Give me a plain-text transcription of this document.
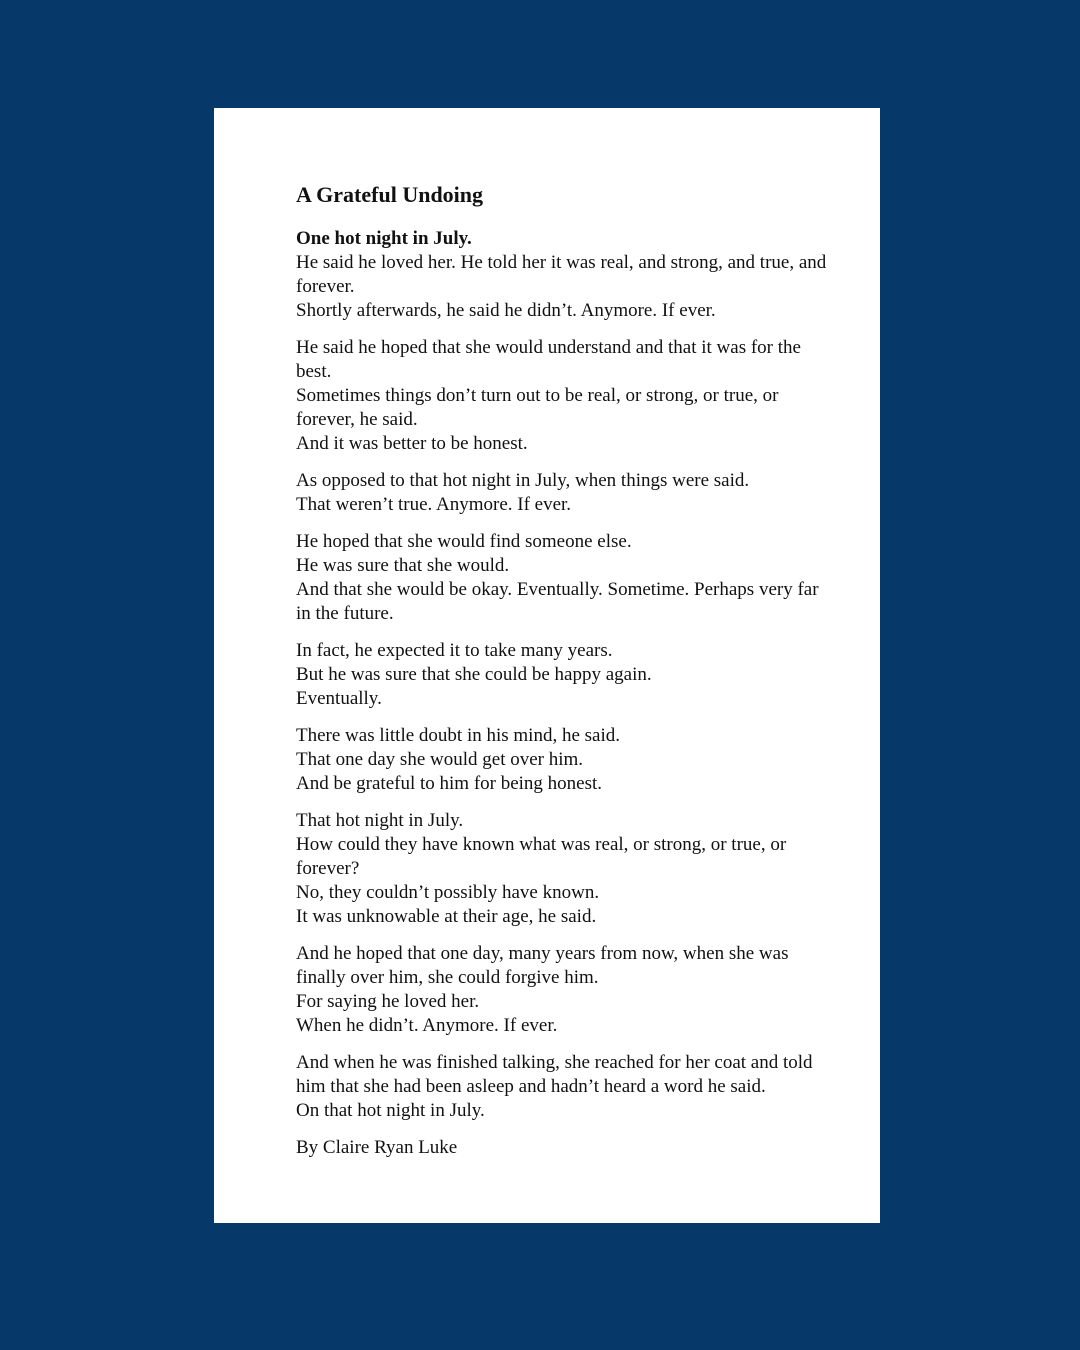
A Grateful Undoing

One hot night in July.
He said he loved her. He told her it was real, and strong, and true, and forever.
Shortly afterwards, he said he didn’t. Anymore. If ever.

He said he hoped that she would understand and that it was for the best.
Sometimes things don’t turn out to be real, or strong, or true, or forever, he said.
And it was better to be honest.

As opposed to that hot night in July, when things were said.
That weren’t true. Anymore. If ever.

He hoped that she would find someone else.
He was sure that she would.
And that she would be okay. Eventually. Sometime. Perhaps very far in the future.

In fact, he expected it to take many years.
But he was sure that she could be happy again.
Eventually.

There was little doubt in his mind, he said.
That one day she would get over him.
And be grateful to him for being honest.

That hot night in July.
How could they have known what was real, or strong, or true, or forever?
No, they couldn’t possibly have known.
It was unknowable at their age, he said.

And he hoped that one day, many years from now, when she was finally over him, she could forgive him.
For saying he loved her.
When he didn’t. Anymore. If ever.

And when he was finished talking, she reached for her coat and told him that she had been asleep and hadn’t heard a word he said.
On that hot night in July.

By Claire Ryan Luke
